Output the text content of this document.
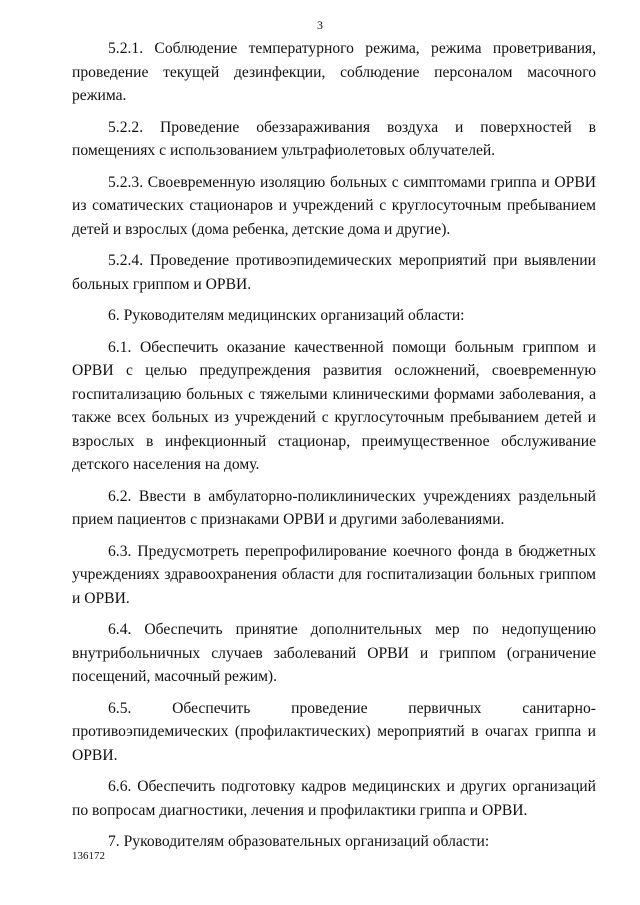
3

5.2.1. Соблюдение температурного режима, режима проветривания, проведение текущей дезинфекции, соблюдение персоналом масочного режима.

5.2.2. Проведение обеззараживания воздуха и поверхностей в помещениях с использованием ультрафиолетовых облучателей.

5.2.3. Своевременную изоляцию больных с симптомами гриппа и ОРВИ из соматических стационаров и учреждений с круглосуточным пребыванием детей и взрослых (дома ребенка, детские дома и другие).

5.2.4. Проведение противоэпидемических мероприятий при выявлении больных гриппом и ОРВИ.

6. Руководителям медицинских организаций области:

6.1. Обеспечить оказание качественной помощи больным гриппом и ОРВИ с целью предупреждения развития осложнений, своевременную госпитализацию больных с тяжелыми клиническими формами заболевания, а также всех больных из учреждений с круглосуточным пребыванием детей и взрослых в инфекционный стационар, преимущественное обслуживание детского населения на дому.

6.2. Ввести в амбулаторно-поликлинических учреждениях раздельный прием пациентов с признаками ОРВИ и другими заболеваниями.

6.3. Предусмотреть перепрофилирование коечного фонда в бюджетных учреждениях здравоохранения области для госпитализации больных гриппом и ОРВИ.

6.4. Обеспечить принятие дополнительных мер по недопущению внутрибольничных случаев заболеваний ОРВИ и гриппом (ограничение посещений, масочный режим).

6.5. Обеспечить проведение первичных санитарно-противоэпидемических (профилактических) мероприятий в очагах гриппа и ОРВИ.

6.6. Обеспечить подготовку кадров медицинских и других организаций по вопросам диагностики, лечения и профилактики гриппа и ОРВИ.

7. Руководителям образовательных организаций области:

136172
